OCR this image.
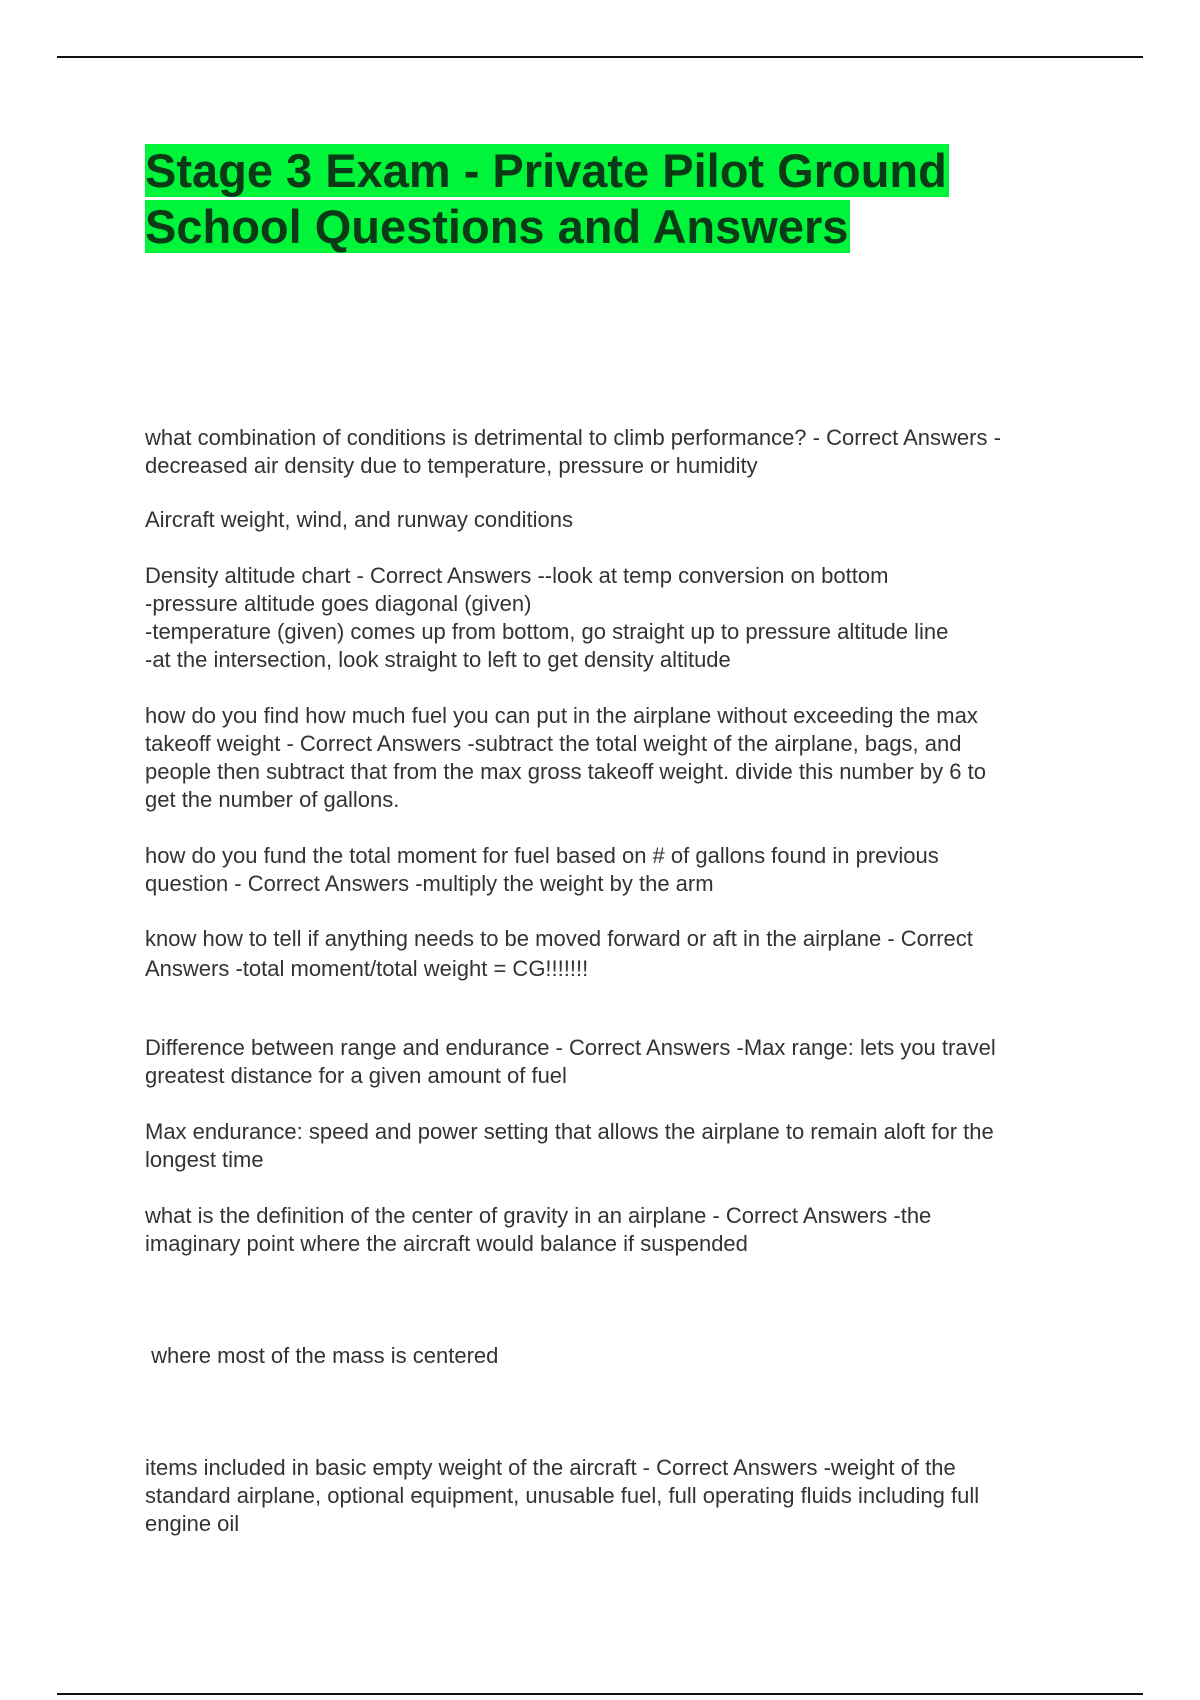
Stage 3 Exam - Private Pilot Ground
School Questions and Answers

what combination of conditions is detrimental to climb performance? - Correct Answers -
decreased air density due to temperature, pressure or humidity

Aircraft weight, wind, and runway conditions

Density altitude chart - Correct Answers --look at temp conversion on bottom
-pressure altitude goes diagonal (given)
-temperature (given) comes up from bottom, go straight up to pressure altitude line
-at the intersection, look straight to left to get density altitude

how do you find how much fuel you can put in the airplane without exceeding the max
takeoff weight - Correct Answers -subtract the total weight of the airplane, bags, and
people then subtract that from the max gross takeoff weight. divide this number by 6 to
get the number of gallons.

how do you fund the total moment for fuel based on # of gallons found in previous
question - Correct Answers -multiply the weight by the arm

know how to tell if anything needs to be moved forward or aft in the airplane - Correct
Answers -total moment/total weight = CG!!!!!!!

Difference between range and endurance - Correct Answers -Max range: lets you travel
greatest distance for a given amount of fuel

Max endurance: speed and power setting that allows the airplane to remain aloft for the
longest time

what is the definition of the center of gravity in an airplane - Correct Answers -the
imaginary point where the aircraft would balance if suspended

where most of the mass is centered

items included in basic empty weight of the aircraft - Correct Answers -weight of the
standard airplane, optional equipment, unusable fuel, full operating fluids including full
engine oil
